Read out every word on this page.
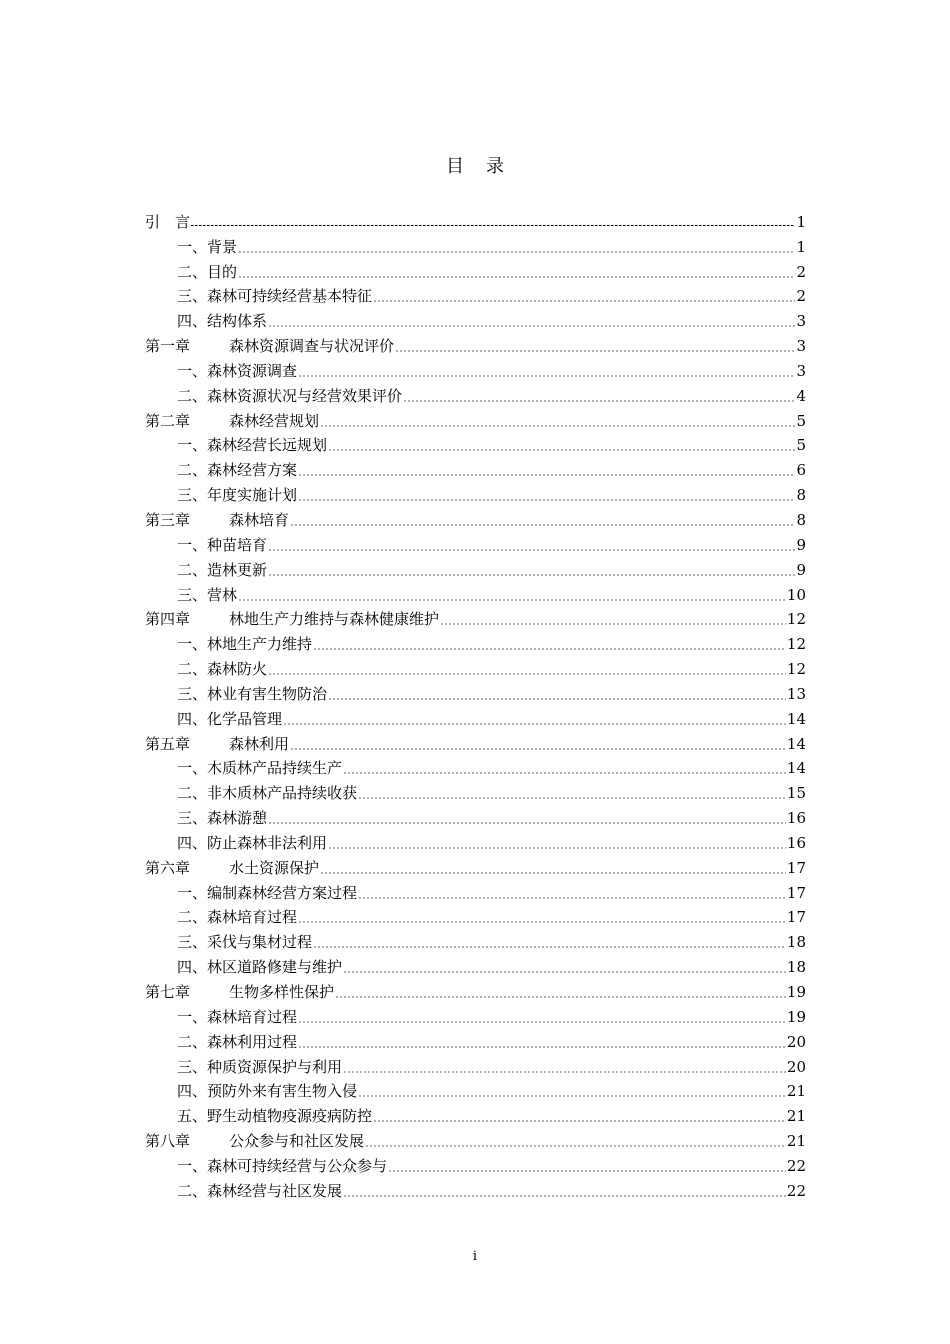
目 录
引　言	1
一、背景	1
二、目的	2
三、森林可持续经营基本特征	2
四、结构体系	3
第一章	森林资源调查与状况评价	3
一、森林资源调查	3
二、森林资源状况与经营效果评价	4
第二章	森林经营规划	5
一、森林经营长远规划	5
二、森林经营方案	6
三、年度实施计划	8
第三章	森林培育	8
一、种苗培育	9
二、造林更新	9
三、营林	10
第四章	林地生产力维持与森林健康维护	12
一、林地生产力维持	12
二、森林防火	12
三、林业有害生物防治	13
四、化学品管理	14
第五章	森林利用	14
一、木质林产品持续生产	14
二、非木质林产品持续收获	15
三、森林游憩	16
四、防止森林非法利用	16
第六章	水土资源保护	17
一、编制森林经营方案过程	17
二、森林培育过程	17
三、采伐与集材过程	18
四、林区道路修建与维护	18
第七章	生物多样性保护	19
一、森林培育过程	19
二、森林利用过程	20
三、种质资源保护与利用	20
四、预防外来有害生物入侵	21
五、野生动植物疫源疫病防控	21
第八章	公众参与和社区发展	21
一、森林可持续经营与公众参与	22
二、森林经营与社区发展	22
i
